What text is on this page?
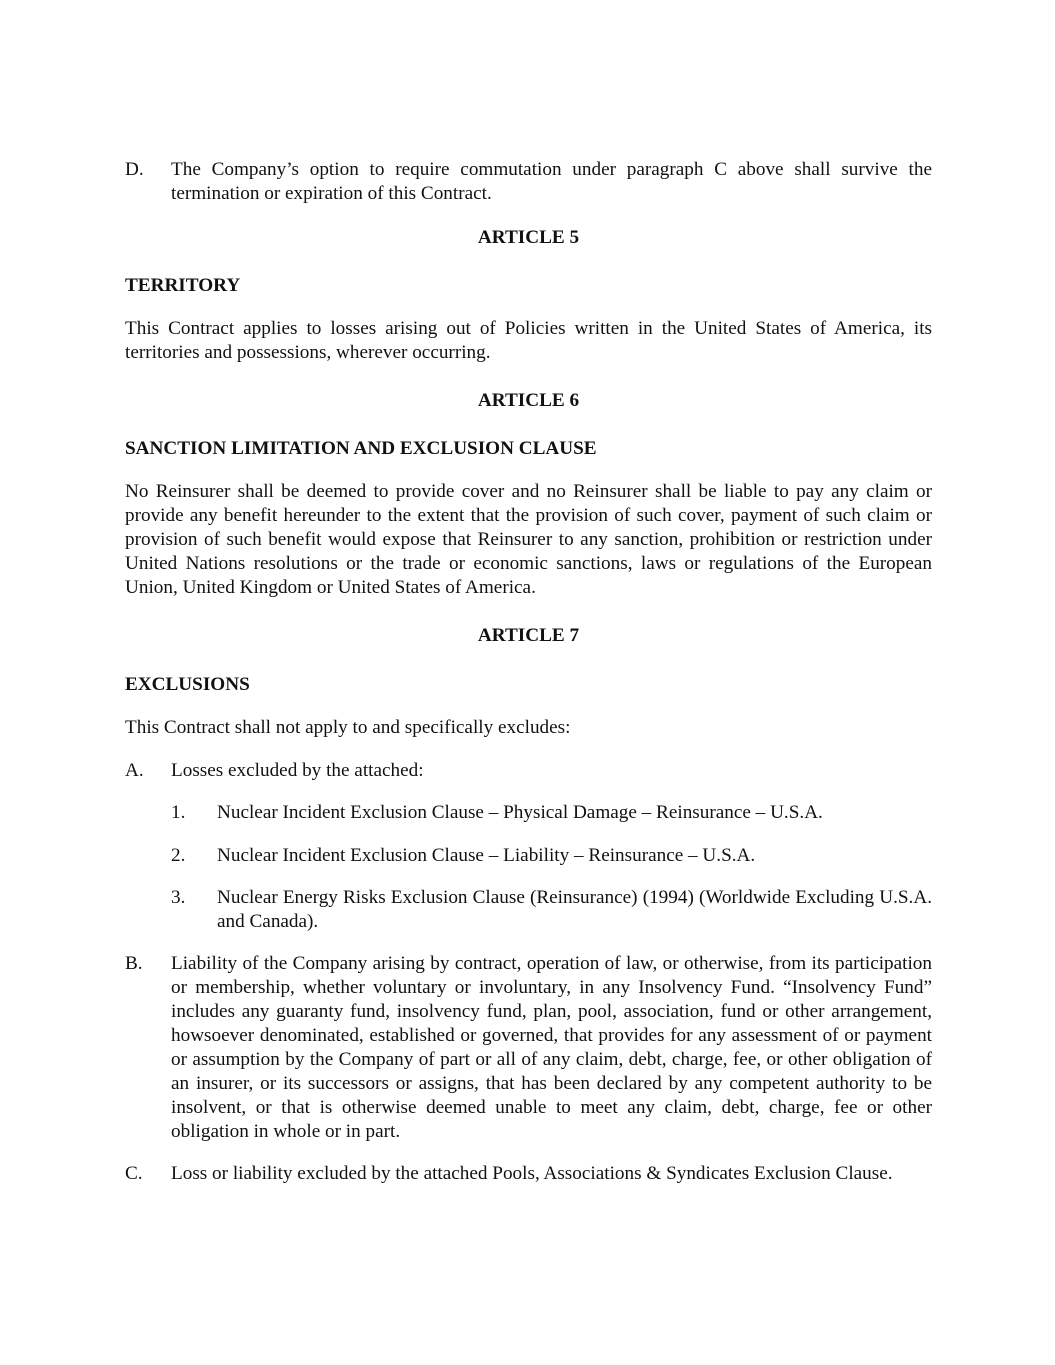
D.	The Company’s option to require commutation under paragraph C above shall survive the termination or expiration of this Contract.

ARTICLE 5

TERRITORY

This Contract applies to losses arising out of Policies written in the United States of America, its territories and possessions, wherever occurring.

ARTICLE 6

SANCTION LIMITATION AND EXCLUSION CLAUSE

No Reinsurer shall be deemed to provide cover and no Reinsurer shall be liable to pay any claim or provide any benefit hereunder to the extent that the provision of such cover, payment of such claim or provision of such benefit would expose that Reinsurer to any sanction, prohibition or restriction under United Nations resolutions or the trade or economic sanctions, laws or regulations of the European Union, United Kingdom or United States of America.

ARTICLE 7

EXCLUSIONS

This Contract shall not apply to and specifically excludes:

A.	Losses excluded by the attached:
1.	Nuclear Incident Exclusion Clause – Physical Damage – Reinsurance – U.S.A.
2.	Nuclear Incident Exclusion Clause – Liability – Reinsurance – U.S.A.
3.	Nuclear Energy Risks Exclusion Clause (Reinsurance) (1994) (Worldwide Excluding U.S.A. and Canada).
B.	Liability of the Company arising by contract, operation of law, or otherwise, from its participation or membership, whether voluntary or involuntary, in any Insolvency Fund. “Insolvency Fund” includes any guaranty fund, insolvency fund, plan, pool, association, fund or other arrangement, howsoever denominated, established or governed, that provides for any assessment of or payment or assumption by the Company of part or all of any claim, debt, charge, fee, or other obligation of an insurer, or its successors or assigns, that has been declared by any competent authority to be insolvent, or that is otherwise deemed unable to meet any claim, debt, charge, fee or other obligation in whole or in part.
C.	Loss or liability excluded by the attached Pools, Associations & Syndicates Exclusion Clause.
